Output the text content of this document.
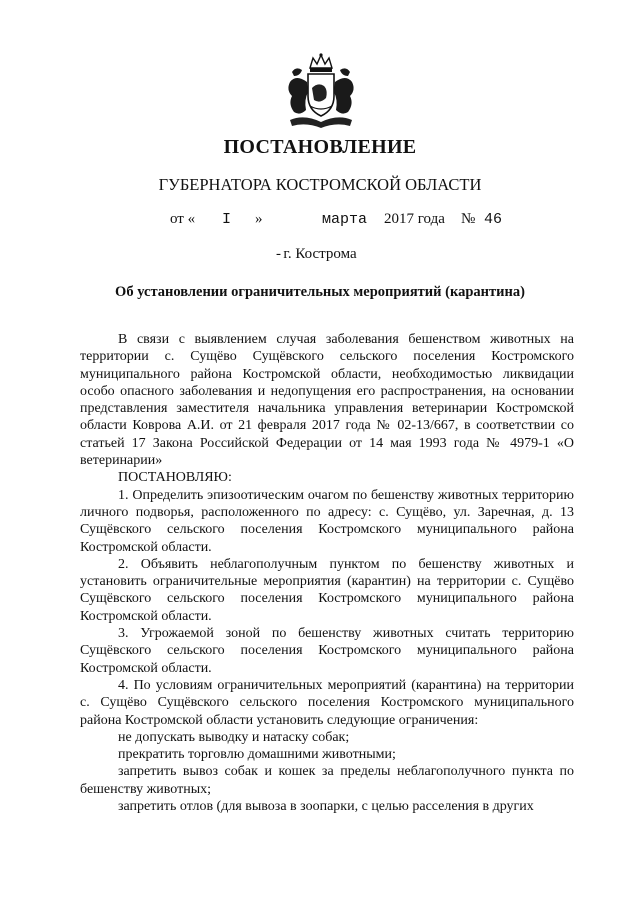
ПОСТАНОВЛЕНИЕ
ГУБЕРНАТОРА КОСТРОМСКОЙ ОБЛАСТИ
от « I »	марта 2017 года № 46
- г. Кострома
Об установлении ограничительных мероприятий (карантина)

В связи с выявлением случая заболевания бешенством животных на территории с. Сущёво Сущёвского сельского поселения Костромского муниципального района Костромской области, необходимостью ликвидации особо опасного заболевания и недопущения его распространения, на основании представления заместителя начальника управления ветеринарии Костромской области Коврова А.И. от 21 февраля 2017 года № 02-13/667, в соответствии со статьей 17 Закона Российской Федерации от 14 мая 1993 года № 4979-1 «О ветеринарии»

ПОСТАНОВЛЯЮ:

1. Определить эпизоотическим очагом по бешенству животных территорию личного подворья, расположенного по адресу: с. Сущёво, ул. Заречная, д. 13 Сущёвского сельского поселения Костромского муниципального района Костромской области.

2. Объявить неблагополучным пунктом по бешенству животных и установить ограничительные мероприятия (карантин) на территории с. Сущёво Сущёвского сельского поселения Костромского муниципального района Костромской области.

3. Угрожаемой зоной по бешенству животных считать территорию Сущёвского сельского поселения Костромского муниципального района Костромской области.

4. По условиям ограничительных мероприятий (карантина) на территории с. Сущёво Сущёвского сельского поселения Костромского муниципального района Костромской области установить следующие ограничения:

не допускать выводку и натаску собак;

прекратить торговлю домашними животными;

запретить вывоз собак и кошек за пределы неблагополучного пункта по бешенству животных;

запретить отлов (для вывоза в зоопарки, с целью расселения в других
